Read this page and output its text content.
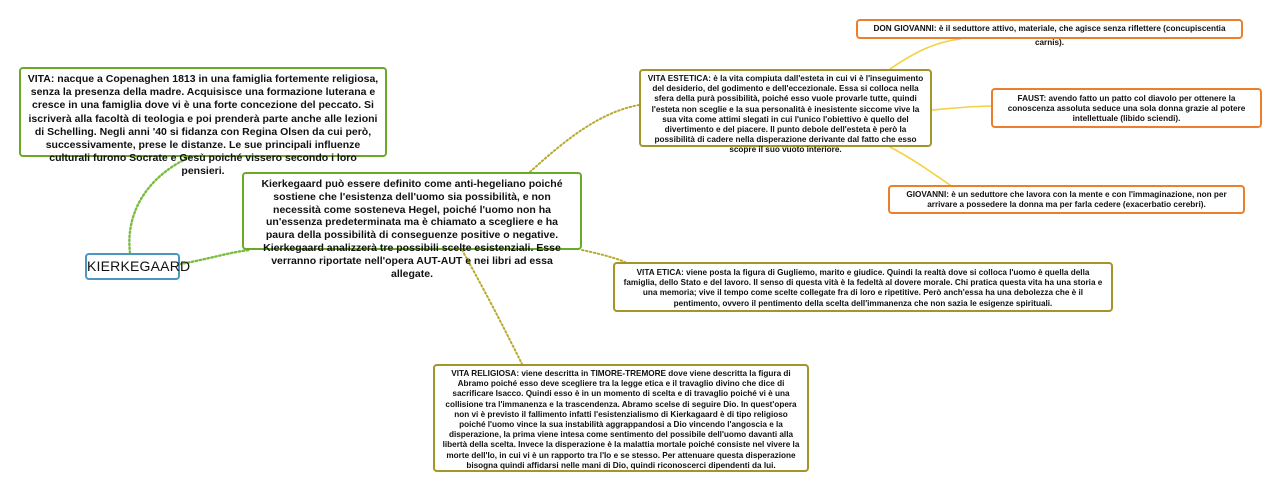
KIERKEGAARD
VITA: nacque a Copenaghen 1813 in una famiglia fortemente religiosa, senza la presenza della madre. Acquisisce una formazione luterana e cresce in una famiglia dove vi è una forte concezione del peccato. Si iscriverà alla facoltà di teologia e poi prenderà parte anche alle lezioni di Schelling. Negli anni '40 si fidanza con Regina Olsen da cui però, successivamente, prese le distanze. Le sue principali influenze culturali furono Socrate e Gesù poiché vissero secondo i loro pensieri.
Kierkegaard può essere definito come anti-hegeliano poiché sostiene che l'esistenza dell'uomo sia possibilità, e non necessità come sosteneva Hegel, poiché l'uomo non ha un'essenza predeterminata ma è chiamato a scegliere e ha paura della possibilità di conseguenze positive o negative. Kierkegaard analizzerà tre possibili scelte esistenziali. Esse verranno riportate nell'opera AUT-AUT e nei libri ad essa allegate.
VITA ESTETICA: è la vita compiuta dall'esteta in cui vi è l'inseguimento del desiderio, del godimento e dell'eccezionale. Essa si colloca nella sfera della purà possibilità, poiché esso vuole provarle tutte, quindi l'esteta non sceglie e la sua personalità è inesistente siccome vive la sua vita come attimi slegati in cui l'unico l'obiettivo è quello del divertimento e del piacere. Il punto debole dell'esteta è però la possibilità di cadere nella disperazione derivante dal fatto che esso scopre il suo vuoto interiore.
VITA ETICA: viene posta la figura di Gugliemo, marito e giudice. Quindi la realtà dove si colloca l'uomo è quella della famiglia, dello Stato e del lavoro. Il senso di questa vità è la fedeltà al dovere morale. Chi pratica questa vita ha una storia e una memoria; vive il tempo come scelte collegate fra di loro e ripetitive. Però anch'essa ha una debolezza che è il pentimento, ovvero il pentimento della scelta dell'immanenza che non sazia le esigenze spirituali.
VITA RELIGIOSA: viene descritta in TIMORE-TREMORE dove viene descritta la figura di Abramo poiché esso deve scegliere tra la legge etica e il travaglio divino che dice di sacrificare Isacco. Quindi esso è in un momento di scelta e di travaglio poiché vi è una collisione tra l'immanenza e la trascendenza. Abramo scelse di seguire Dio. In quest'opera non vi è previsto il fallimento infatti l'esistenzialismo di Kierkagaard è di tipo religioso poiché l'uomo vince la sua instabilità aggrappandosi a Dio vincendo l'angoscia e la disperazione, la prima viene intesa come sentimento del possibile dell'uomo davanti alla libertà della scelta. Invece la disperazione è la malattia mortale poiché consiste nel vivere la morte dell'Io, in cui vi è un rapporto tra l'Io e se stesso. Per attenuare questa disperazione bisogna quindi affidarsi nelle mani di Dio, quindi riconoscerci dipendenti da lui.
DON GIOVANNI: è il seduttore attivo, materiale, che agisce senza riflettere (concupiscentia carnis).
FAUST: avendo fatto un patto col diavolo per ottenere la conoscenza assoluta seduce una sola donna grazie al potere intellettuale (libido sciendi).
GIOVANNI: è un seduttore che lavora con la mente e con l'immaginazione, non per arrivare a possedere la donna ma per farla cedere (exacerbatio cerebri).
